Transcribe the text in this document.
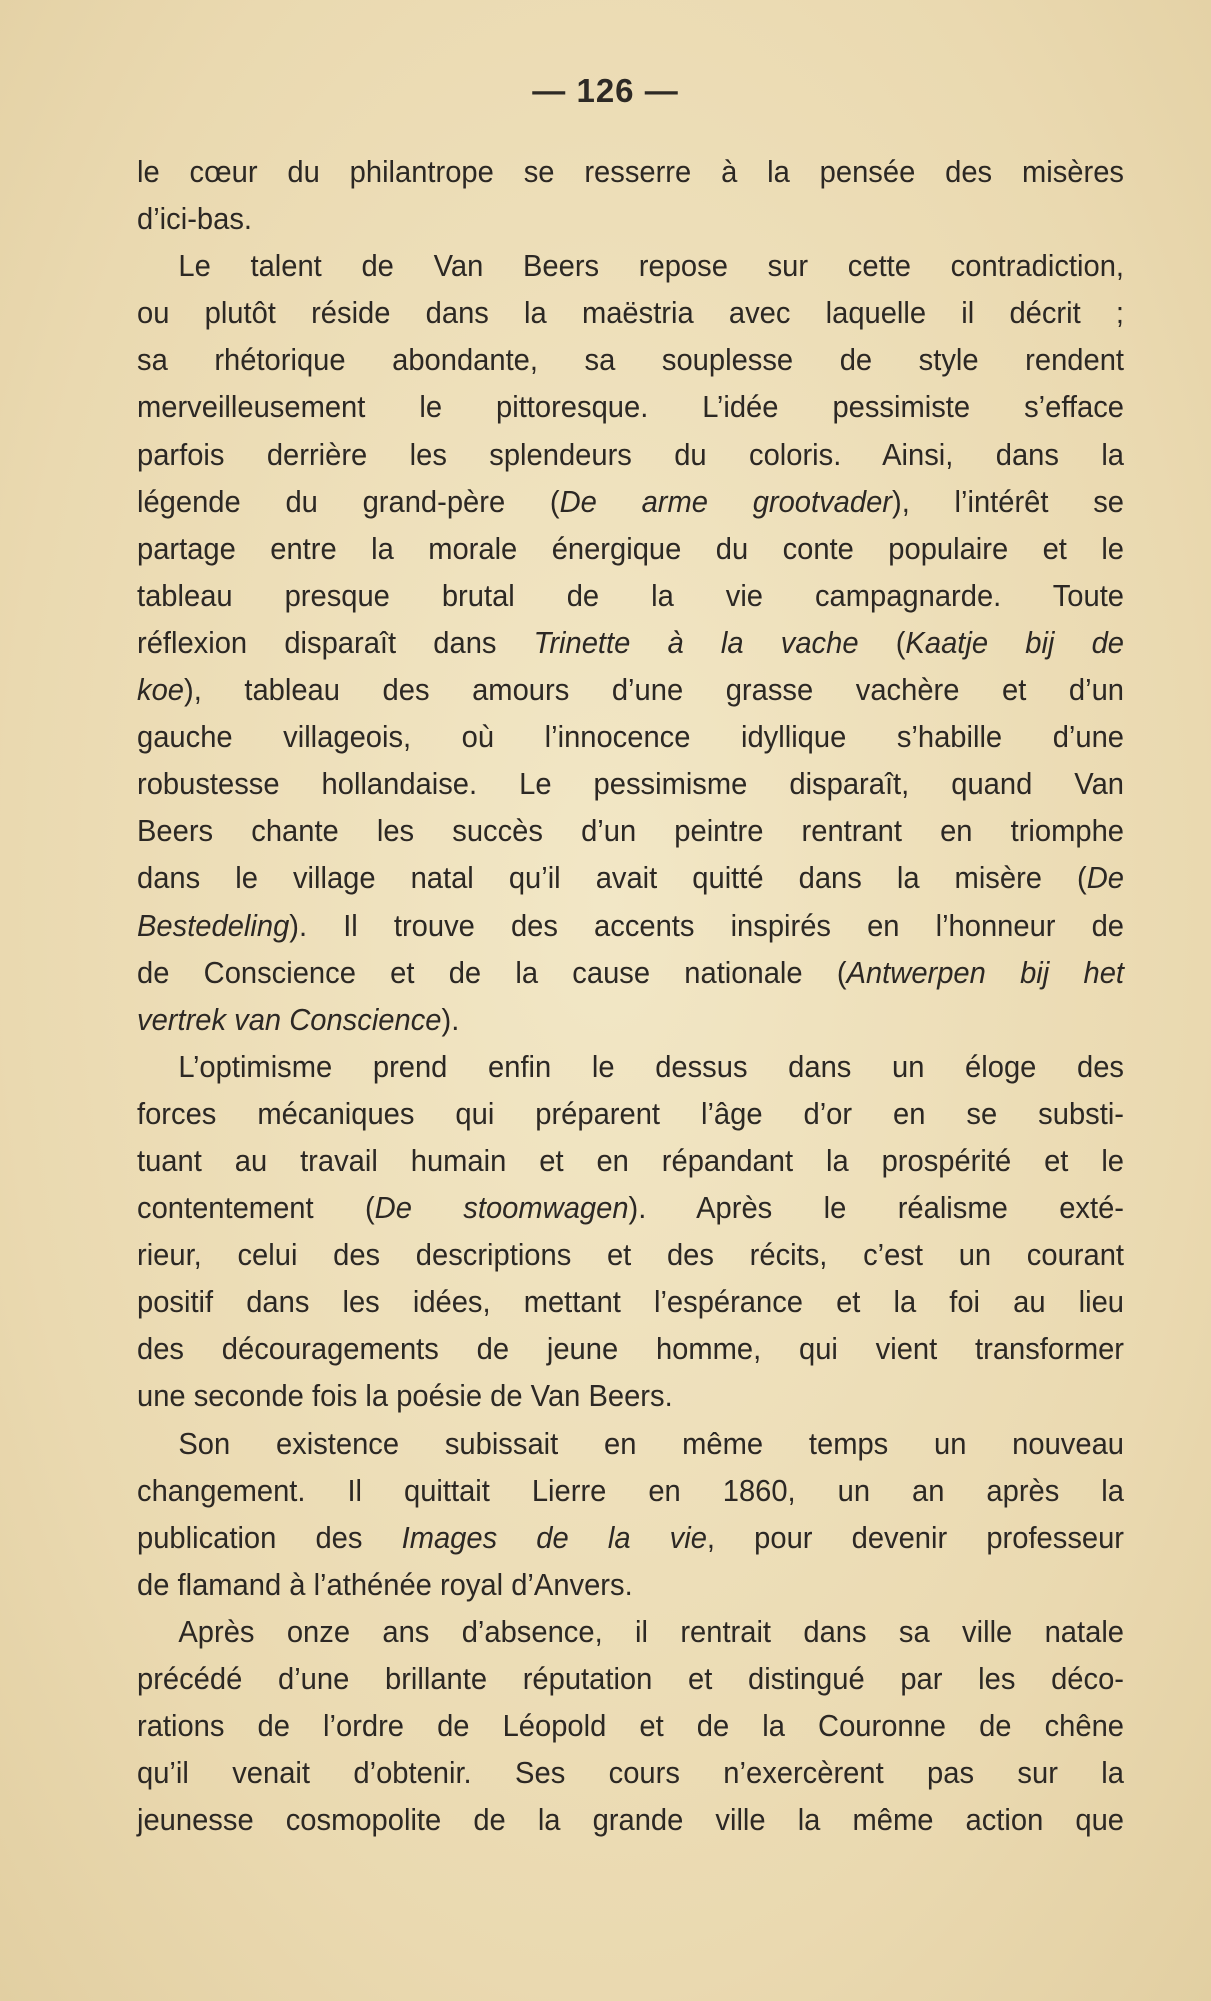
— 126 —
le cœur du philantrope se resserre à la pensée des misères
d’ici-bas.
Le talent de Van Beers repose sur cette contradiction,
ou plutôt réside dans la maëstria avec laquelle il décrit ;
sa rhétorique abondante, sa souplesse de style rendent
merveilleusement le pittoresque. L’idée pessimiste s’efface
parfois derrière les splendeurs du coloris. Ainsi, dans la
légende du grand-père (De arme grootvader), l’intérêt se
partage entre la morale énergique du conte populaire et le
tableau presque brutal de la vie campagnarde. Toute
réflexion disparaît dans Trinette à la vache (Kaatje bij de
koe), tableau des amours d’une grasse vachère et d’un
gauche villageois, où l’innocence idyllique s’habille d’une
robustesse hollandaise. Le pessimisme disparaît, quand Van
Beers chante les succès d’un peintre rentrant en triomphe
dans le village natal qu’il avait quitté dans la misère (De
Bestedeling). Il trouve des accents inspirés en l’honneur de
de Conscience et de la cause nationale (Antwerpen bij het
vertrek van Conscience).
L’optimisme prend enfin le dessus dans un éloge des
forces mécaniques qui préparent l’âge d’or en se substi-
tuant au travail humain et en répandant la prospérité et le
contentement (De stoomwagen). Après le réalisme exté-
rieur, celui des descriptions et des récits, c’est un courant
positif dans les idées, mettant l’espérance et la foi au lieu
des découragements de jeune homme, qui vient transformer
une seconde fois la poésie de Van Beers.
Son existence subissait en même temps un nouveau
changement. Il quittait Lierre en 1860, un an après la
publication des Images de la vie, pour devenir professeur
de flamand à l’athénée royal d’Anvers.
Après onze ans d’absence, il rentrait dans sa ville natale
précédé d’une brillante réputation et distingué par les déco-
rations de l’ordre de Léopold et de la Couronne de chêne
qu’il venait d’obtenir. Ses cours n’exercèrent pas sur la
jeunesse cosmopolite de la grande ville la même action que
